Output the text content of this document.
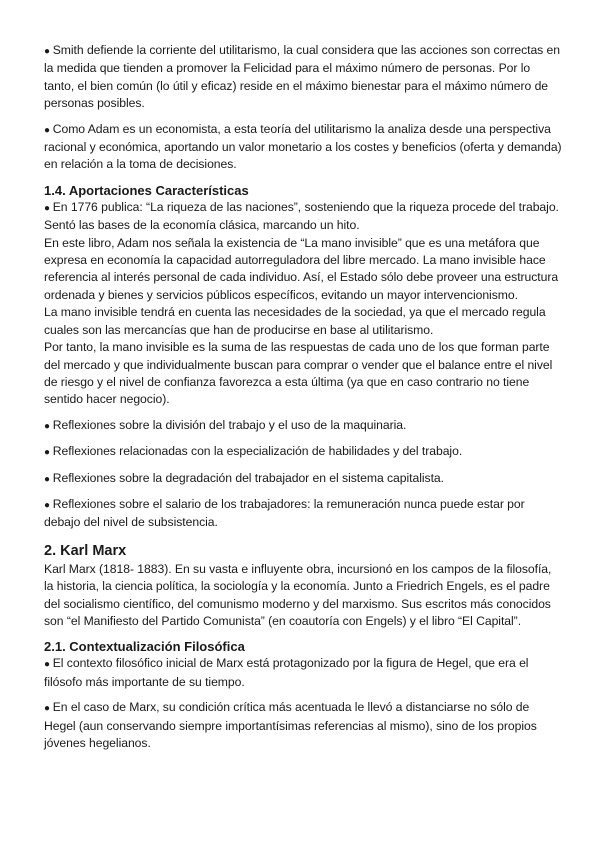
● Smith defiende la corriente del utilitarismo, la cual considera que las acciones son correctas en la medida que tienden a promover la Felicidad para el máximo número de personas. Por lo tanto, el bien común (lo útil y eficaz) reside en el máximo bienestar para el máximo número de personas posibles.

● Como Adam es un economista, a esta teoría del utilitarismo la analiza desde una perspectiva racional y económica, aportando un valor monetario a los costes y beneficios (oferta y demanda) en relación a la toma de decisiones.

1.4. Aportaciones Características

● En 1776 publica: “La riqueza de las naciones”, sosteniendo que la riqueza procede del trabajo. Sentó las bases de la economía clásica, marcando un hito.

En este libro, Adam nos señala la existencia de “La mano invisible” que es una metáfora que expresa en economía la capacidad autorreguladora del libre mercado. La mano invisible hace referencia al interés personal de cada individuo. Así, el Estado sólo debe proveer una estructura ordenada y bienes y servicios públicos específicos, evitando un mayor intervencionismo.

La mano invisible tendrá en cuenta las necesidades de la sociedad, ya que el mercado regula cuales son las mercancías que han de producirse en base al utilitarismo.

Por tanto, la mano invisible es la suma de las respuestas de cada uno de los que forman parte del mercado y que individualmente buscan para comprar o vender que el balance entre el nivel de riesgo y el nivel de confianza favorezca a esta última (ya que en caso contrario no tiene sentido hacer negocio).

● Reflexiones sobre la división del trabajo y el uso de la maquinaria.

● Reflexiones relacionadas con la especialización de habilidades y del trabajo.

● Reflexiones sobre la degradación del trabajador en el sistema capitalista.

● Reflexiones sobre el salario de los trabajadores: la remuneración nunca puede estar por debajo del nivel de subsistencia.

2. Karl Marx

Karl Marx (1818- 1883). En su vasta e influyente obra, incursionó en los campos de la filosofía, la historia, la ciencia política, la sociología y la economía. Junto a Friedrich Engels, es el padre del socialismo científico, del comunismo moderno y del marxismo. Sus escritos más conocidos son “el Manifiesto del Partido Comunista” (en coautoría con Engels) y el libro “El Capital”.

2.1. Contextualización Filosófica

● El contexto filosófico inicial de Marx está protagonizado por la figura de Hegel, que era el filósofo más importante de su tiempo.

● En el caso de Marx, su condición crítica más acentuada le llevó a distanciarse no sólo de Hegel (aun conservando siempre importantísimas referencias al mismo), sino de los propios jóvenes hegelianos.
